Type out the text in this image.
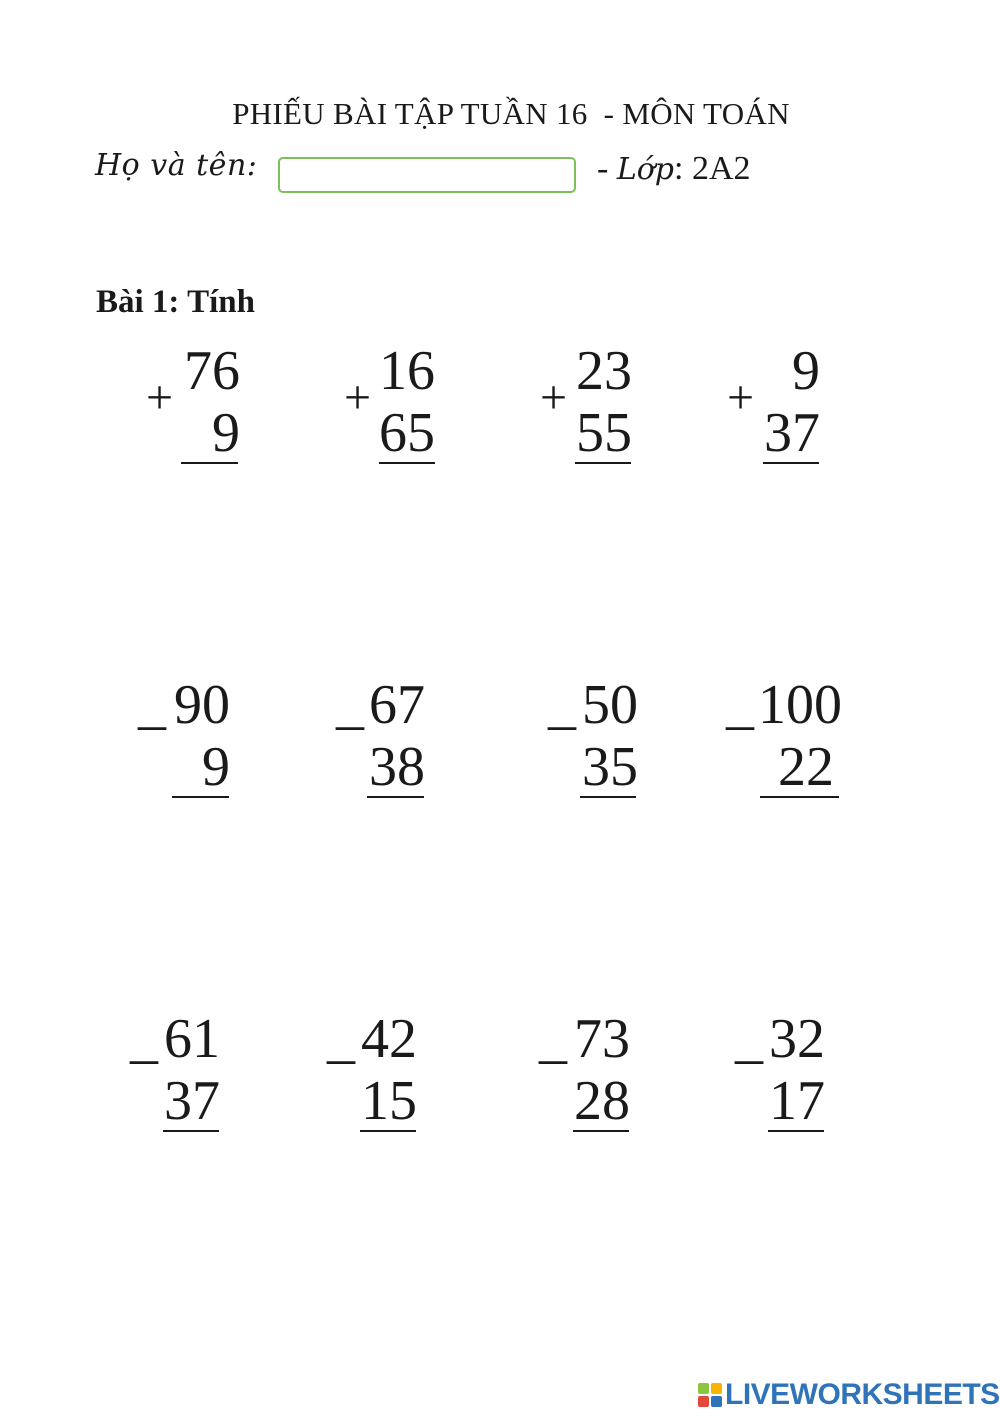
PHIẾU BÀI TẬP TUẦN 16  - MÔN TOÁN
Họ và tên:	- Lớp: 2A2
Bài 1: Tính
+ 76
9
+ 16
65
+ 23
55
+ 9
37
_ 90
9
_ 67
38
_ 50
35
_ 100
22
_ 61
37
_ 42
15
_ 73
28
_ 32
17
LIVEWORKSHEETS
